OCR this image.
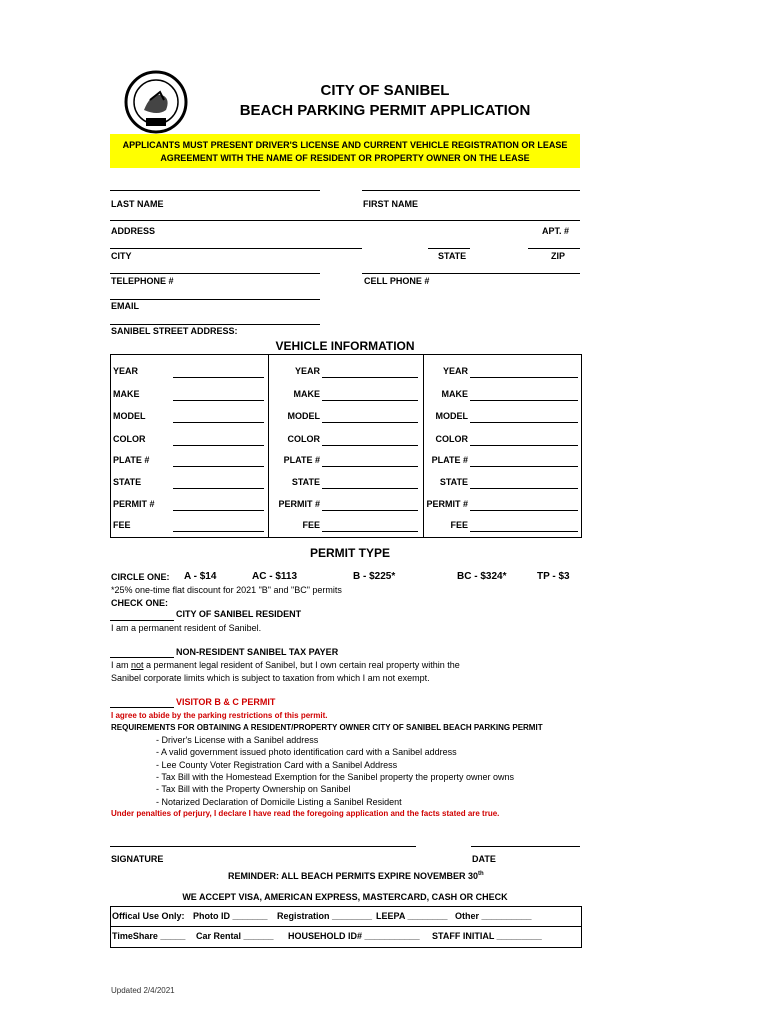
CITY OF SANIBEL
BEACH PARKING PERMIT APPLICATION
APPLICANTS MUST PRESENT DRIVER'S LICENSE AND CURRENT VEHICLE REGISTRATION OR LEASE
AGREEMENT WITH THE NAME OF RESIDENT OR PROPERTY OWNER ON THE LEASE
LAST NAME	FIRST NAME
ADDRESS	APT. #
CITY	STATE	ZIP
TELEPHONE #	CELL PHONE #
EMAIL
SANIBEL STREET ADDRESS:
VEHICLE INFORMATION
YEAR	YEAR	YEAR
MAKE	MAKE	MAKE
MODEL	MODEL	MODEL
COLOR	COLOR	COLOR
PLATE #	PLATE #	PLATE #
STATE	STATE	STATE
PERMIT #	PERMIT #	PERMIT #
FEE	FEE	FEE
PERMIT TYPE
CIRCLE ONE: A - $14	AC - $113	B - $225*	BC - $324*	TP - $3
*25% one-time flat discount for 2021 "B" and "BC" permits
CHECK ONE:
CITY OF SANIBEL RESIDENT
I am a permanent resident of Sanibel.
NON-RESIDENT SANIBEL TAX PAYER
I am not a permanent legal resident of Sanibel, but I own certain real property within the
Sanibel corporate limits which is subject to taxation from which I am not exempt.
VISITOR B & C PERMIT
I agree to abide by the parking restrictions of this permit.
REQUIREMENTS FOR OBTAINING A RESIDENT/PROPERTY OWNER CITY OF SANIBEL BEACH PARKING PERMIT
- Driver's License with a Sanibel address
- A valid government issued photo identification card with a Sanibel address
- Lee County Voter Registration Card with a Sanibel Address
- Tax Bill with the Homestead Exemption for the Sanibel property the property owner owns
- Tax Bill with the Property Ownership on Sanibel
- Notarized Declaration of Domicile Listing a Sanibel Resident
Under penalties of perjury, I declare I have read the foregoing application and the facts stated are true.
SIGNATURE	DATE
REMINDER: ALL BEACH PERMITS EXPIRE NOVEMBER 30th
WE ACCEPT VISA, AMERICAN EXPRESS, MASTERCARD, CASH OR CHECK
Offical Use Only: Photo ID _______ Registration ________ LEEPA ________ Other __________
TimeShare _____ Car Rental ______ HOUSEHOLD ID# ___________ STAFF INITIAL _________
Updated 2/4/2021
